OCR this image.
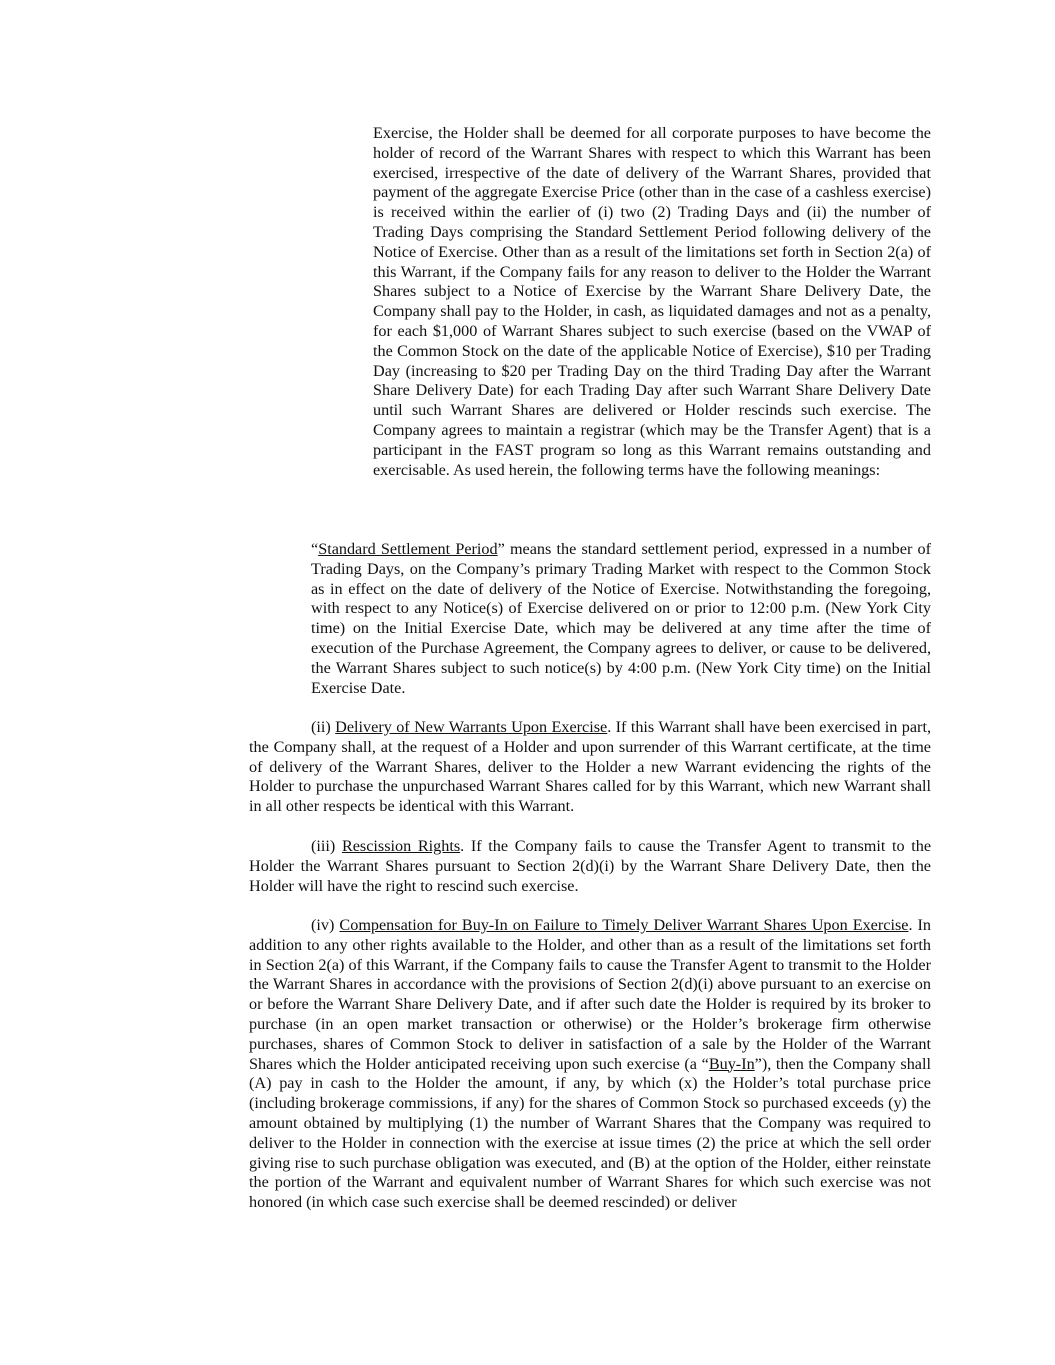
Exercise, the Holder shall be deemed for all corporate purposes to have become the holder of record of the Warrant Shares with respect to which this Warrant has been exercised, irrespective of the date of delivery of the Warrant Shares, provided that payment of the aggregate Exercise Price (other than in the case of a cashless exercise) is received within the earlier of (i) two (2) Trading Days and (ii) the number of Trading Days comprising the Standard Settlement Period following delivery of the Notice of Exercise. Other than as a result of the limitations set forth in Section 2(a) of this Warrant, if the Company fails for any reason to deliver to the Holder the Warrant Shares subject to a Notice of Exercise by the Warrant Share Delivery Date, the Company shall pay to the Holder, in cash, as liquidated damages and not as a penalty, for each $1,000 of Warrant Shares subject to such exercise (based on the VWAP of the Common Stock on the date of the applicable Notice of Exercise), $10 per Trading Day (increasing to $20 per Trading Day on the third Trading Day after the Warrant Share Delivery Date) for each Trading Day after such Warrant Share Delivery Date until such Warrant Shares are delivered or Holder rescinds such exercise. The Company agrees to maintain a registrar (which may be the Transfer Agent) that is a participant in the FAST program so long as this Warrant remains outstanding and exercisable. As used herein, the following terms have the following meanings:

“Standard Settlement Period” means the standard settlement period, expressed in a number of Trading Days, on the Company’s primary Trading Market with respect to the Common Stock as in effect on the date of delivery of the Notice of Exercise. Notwithstanding the foregoing, with respect to any Notice(s) of Exercise delivered on or prior to 12:00 p.m. (New York City time) on the Initial Exercise Date, which may be delivered at any time after the time of execution of the Purchase Agreement, the Company agrees to deliver, or cause to be delivered, the Warrant Shares subject to such notice(s) by 4:00 p.m. (New York City time) on the Initial Exercise Date.

(ii) Delivery of New Warrants Upon Exercise. If this Warrant shall have been exercised in part, the Company shall, at the request of a Holder and upon surrender of this Warrant certificate, at the time of delivery of the Warrant Shares, deliver to the Holder a new Warrant evidencing the rights of the Holder to purchase the unpurchased Warrant Shares called for by this Warrant, which new Warrant shall in all other respects be identical with this Warrant.

(iii) Rescission Rights. If the Company fails to cause the Transfer Agent to transmit to the Holder the Warrant Shares pursuant to Section 2(d)(i) by the Warrant Share Delivery Date, then the Holder will have the right to rescind such exercise.

(iv) Compensation for Buy-In on Failure to Timely Deliver Warrant Shares Upon Exercise. In addition to any other rights available to the Holder, and other than as a result of the limitations set forth in Section 2(a) of this Warrant, if the Company fails to cause the Transfer Agent to transmit to the Holder the Warrant Shares in accordance with the provisions of Section 2(d)(i) above pursuant to an exercise on or before the Warrant Share Delivery Date, and if after such date the Holder is required by its broker to purchase (in an open market transaction or otherwise) or the Holder’s brokerage firm otherwise purchases, shares of Common Stock to deliver in satisfaction of a sale by the Holder of the Warrant Shares which the Holder anticipated receiving upon such exercise (a “Buy-In”), then the Company shall (A) pay in cash to the Holder the amount, if any, by which (x) the Holder’s total purchase price (including brokerage commissions, if any) for the shares of Common Stock so purchased exceeds (y) the amount obtained by multiplying (1) the number of Warrant Shares that the Company was required to deliver to the Holder in connection with the exercise at issue times (2) the price at which the sell order giving rise to such purchase obligation was executed, and (B) at the option of the Holder, either reinstate the portion of the Warrant and equivalent number of Warrant Shares for which such exercise was not honored (in which case such exercise shall be deemed rescinded) or deliver
